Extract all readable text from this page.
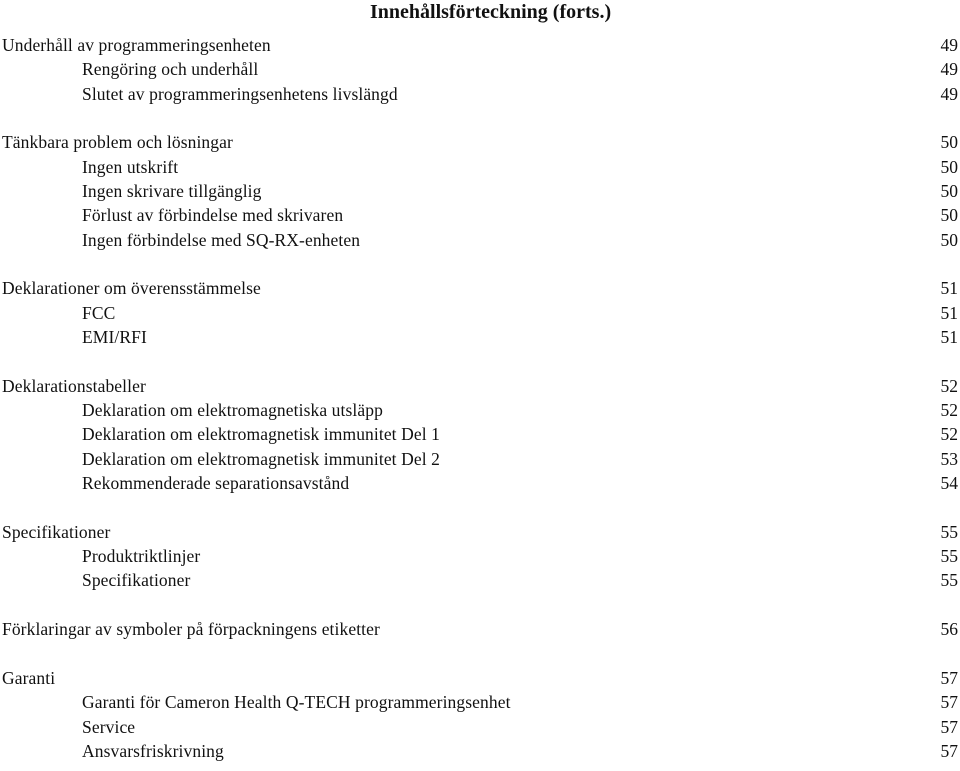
Innehållsförteckning (forts.)
Underhåll av programmeringsenheten	49
Rengöring och underhåll	49
Slutet av programmeringsenhetens livslängd	49
Tänkbara problem och lösningar	50
Ingen utskrift	50
Ingen skrivare tillgänglig	50
Förlust av förbindelse med skrivaren	50
Ingen förbindelse med SQ-RX-enheten	50
Deklarationer om överensstämmelse	51
FCC	51
EMI/RFI	51
Deklarationstabeller	52
Deklaration om elektromagnetiska utsläpp	52
Deklaration om elektromagnetisk immunitet Del 1	52
Deklaration om elektromagnetisk immunitet Del 2	53
Rekommenderade separationsavstånd	54
Specifikationer	55
Produktriktlinjer	55
Specifikationer	55
Förklaringar av symboler på förpackningens etiketter	56
Garanti	57
Garanti för Cameron Health Q-TECH programmeringsenhet	57
Service	57
Ansvarsfriskrivning	57
